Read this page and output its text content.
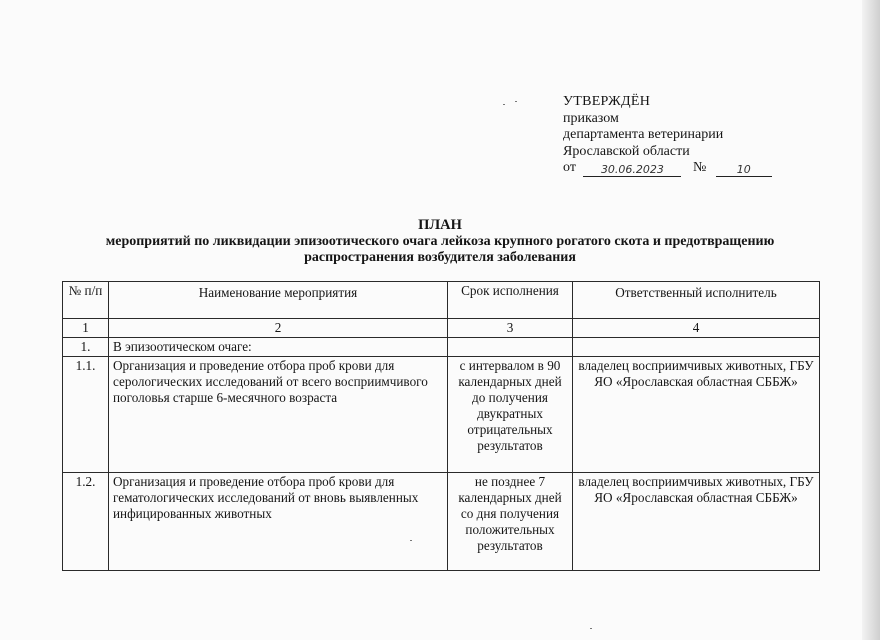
УТВЕРЖДЁН
приказом
департамента ветеринарии
Ярославской области
от 30.06.2023 №	10
ПЛАН
мероприятий по ликвидации эпизоотического очага лейкоза крупного рогатого скота и предотвращению
распространения возбудителя заболевания
№ п/п	Наименование мероприятия	Срок исполнения	Ответственный исполнитель
1	2	3	4
1.	В эпизоотическом очаге:		
1.1.	Организация и проведение отбора проб крови для серологических исследований от всего восприимчивого поголовья старше 6-месячного возраста	с интервалом в 90 календарных дней до получения двукратных отрицательных результатов	владелец восприимчивых животных, ГБУ ЯО «Ярославская областная СББЖ»
1.2.	Организация и проведение отбора проб крови для гематологических исследований от вновь выявленных инфицированных животных	не позднее 7 календарных дней со дня получения положительных результатов	владелец восприимчивых животных, ГБУ ЯО «Ярославская областная СББЖ»
